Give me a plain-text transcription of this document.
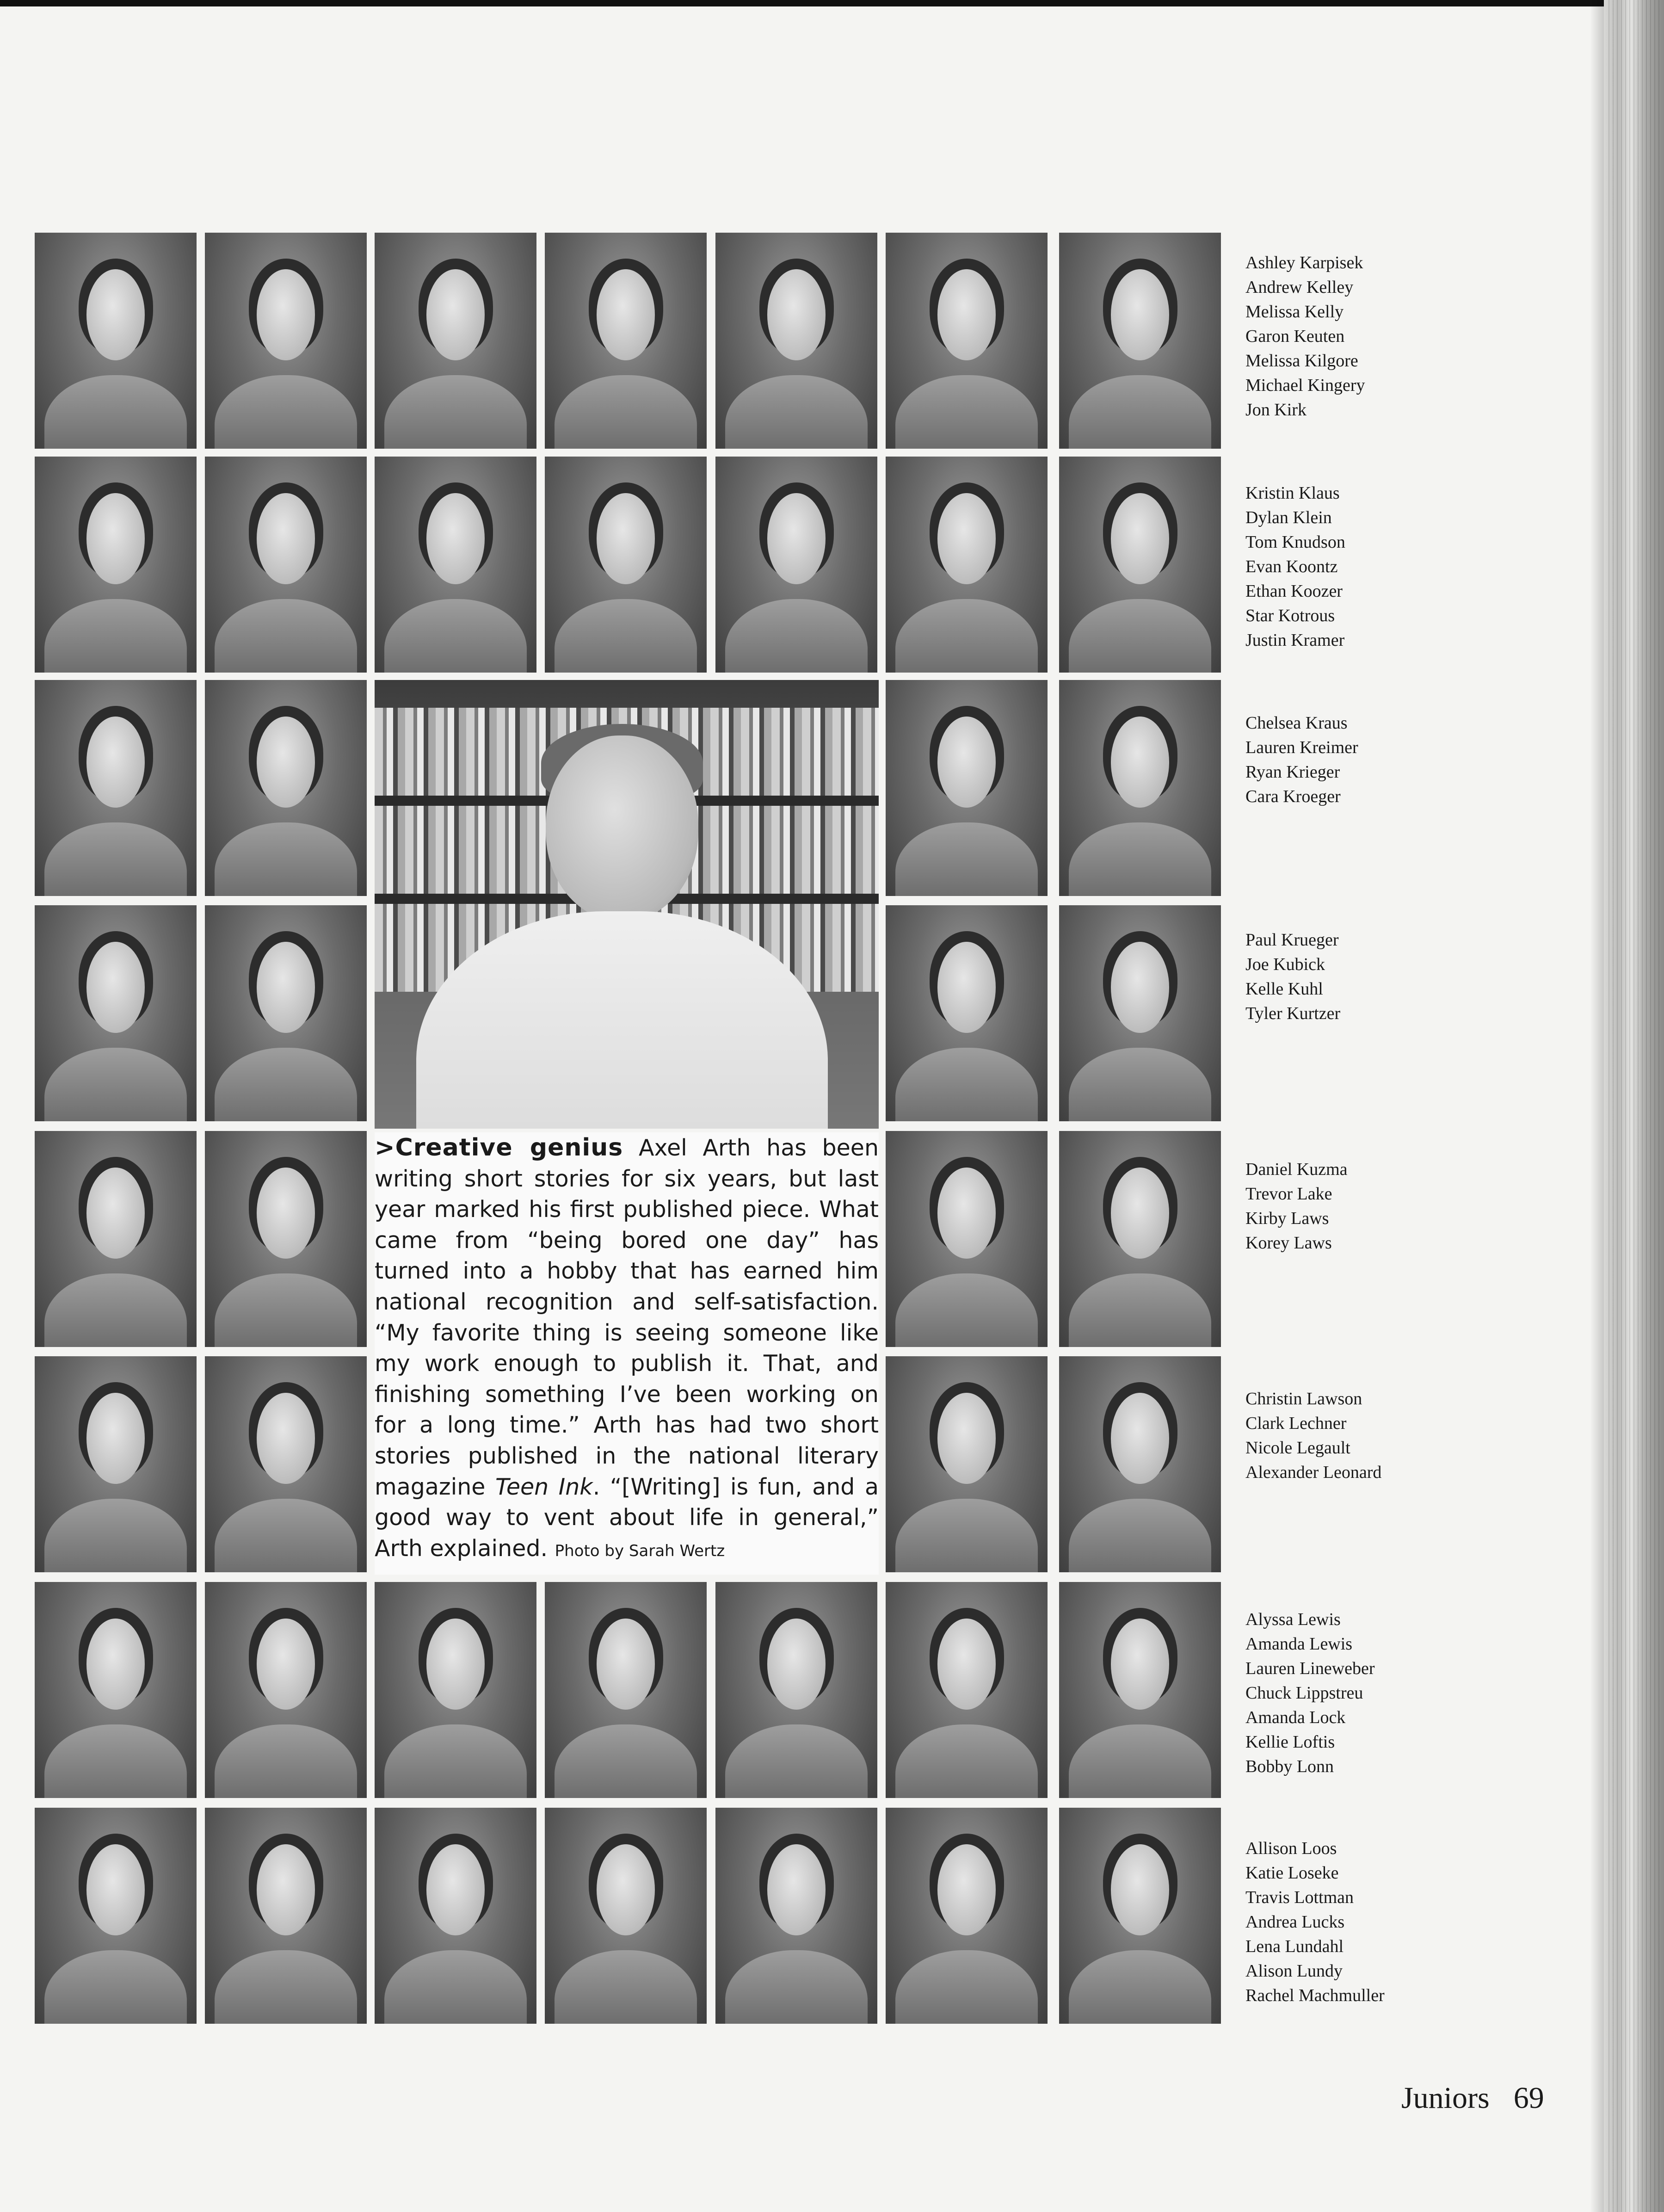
>Creative genius Axel Arth has been writing short stories for six years, but last year marked his first published piece. What came from “being bored one day” has turned into a hobby that has earned him national recognition and self-satisfaction. “My favorite thing is seeing someone like my work enough to publish it. That, and finishing something I’ve been working on for a long time.” Arth has had two short stories published in the national literary magazine Teen Ink. “[Writing] is fun, and a good way to vent about life in general,” Arth explained. Photo by Sarah Wertz

Ashley Karpisek
Andrew Kelley
Melissa Kelly
Garon Keuten
Melissa Kilgore
Michael Kingery
Jon Kirk
Kristin Klaus
Dylan Klein
Tom Knudson
Evan Koontz
Ethan Koozer
Star Kotrous
Justin Kramer
Chelsea Kraus
Lauren Kreimer
Ryan Krieger
Cara Kroeger
Paul Krueger
Joe Kubick
Kelle Kuhl
Tyler Kurtzer
Daniel Kuzma
Trevor Lake
Kirby Laws
Korey Laws
Christin Lawson
Clark Lechner
Nicole Legault
Alexander Leonard
Alyssa Lewis
Amanda Lewis
Lauren Lineweber
Chuck Lippstreu
Amanda Lock
Kellie Loftis
Bobby Lonn
Allison Loos
Katie Loseke
Travis Lottman
Andrea Lucks
Lena Lundahl
Alison Lundy
Rachel Machmuller
Juniors 69
